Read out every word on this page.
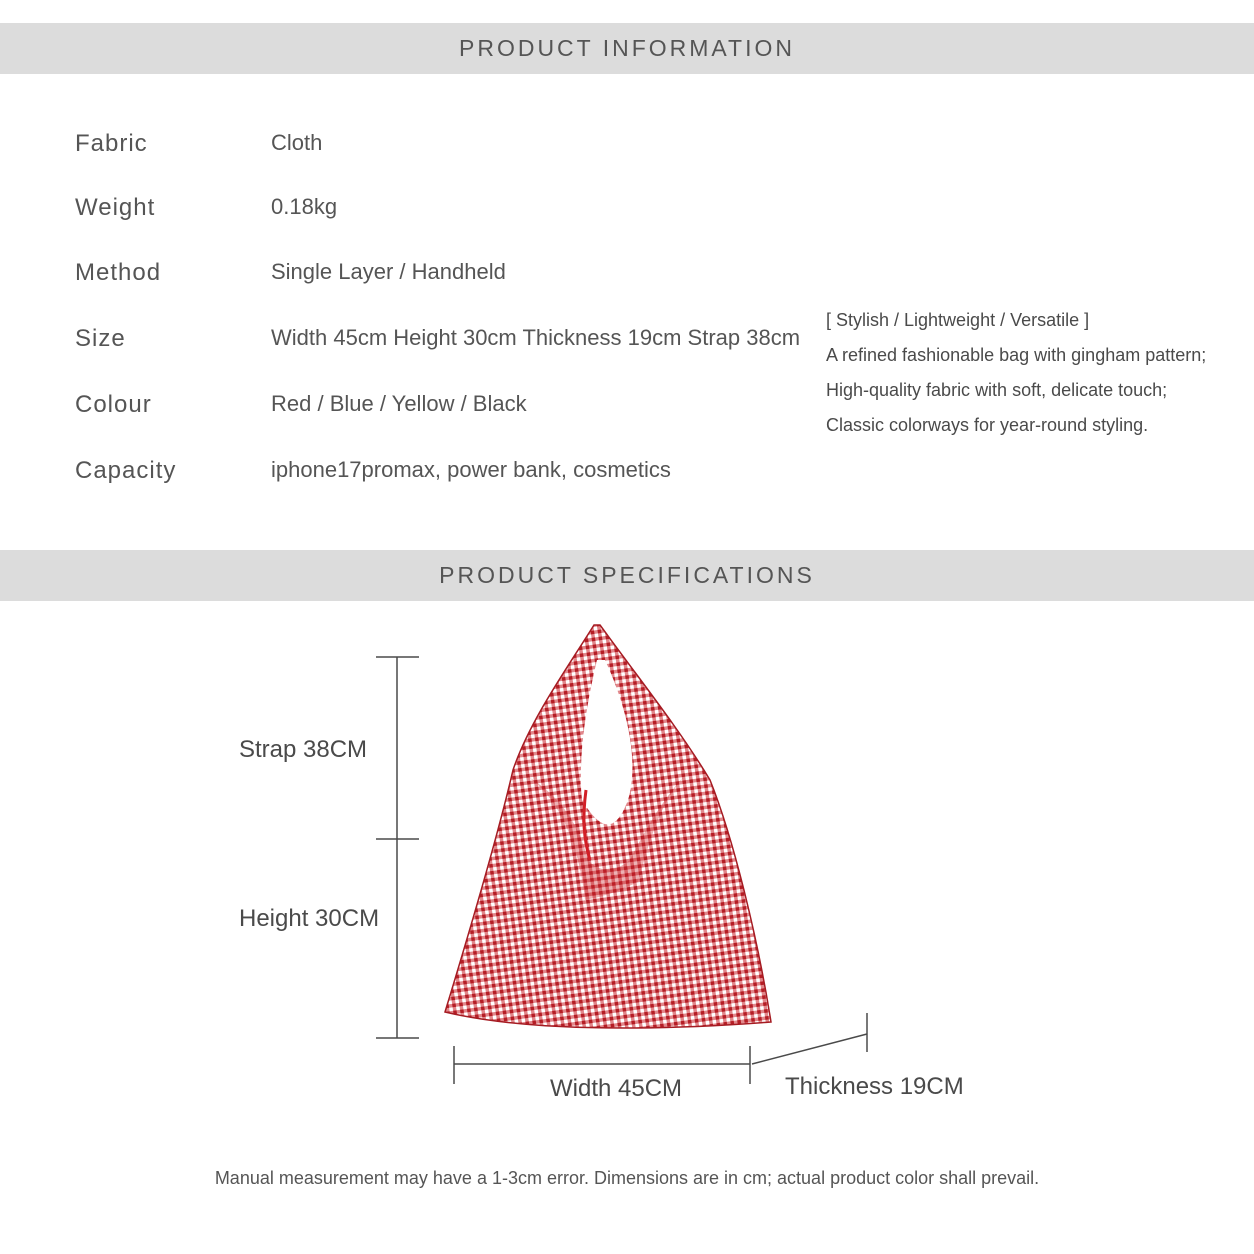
PRODUCT INFORMATION
PRODUCT SPECIFICATIONS
Fabric	Cloth
Weight	0.18kg
Method	Single Layer / Handheld
Size	Width 45cm Height 30cm Thickness 19cm Strap 38cm
Colour	Red / Blue / Yellow / Black
Capacity	iphone17promax, power bank, cosmetics
[ Stylish / Lightweight / Versatile ]
A refined fashionable bag with gingham pattern;
High-quality fabric with soft, delicate touch;
Classic colorways for year-round styling.
Strap 38CM
Height 30CM
Width 45CM	Thickness 19CM
Manual measurement may have a 1-3cm error. Dimensions are in cm; actual product color shall prevail.
